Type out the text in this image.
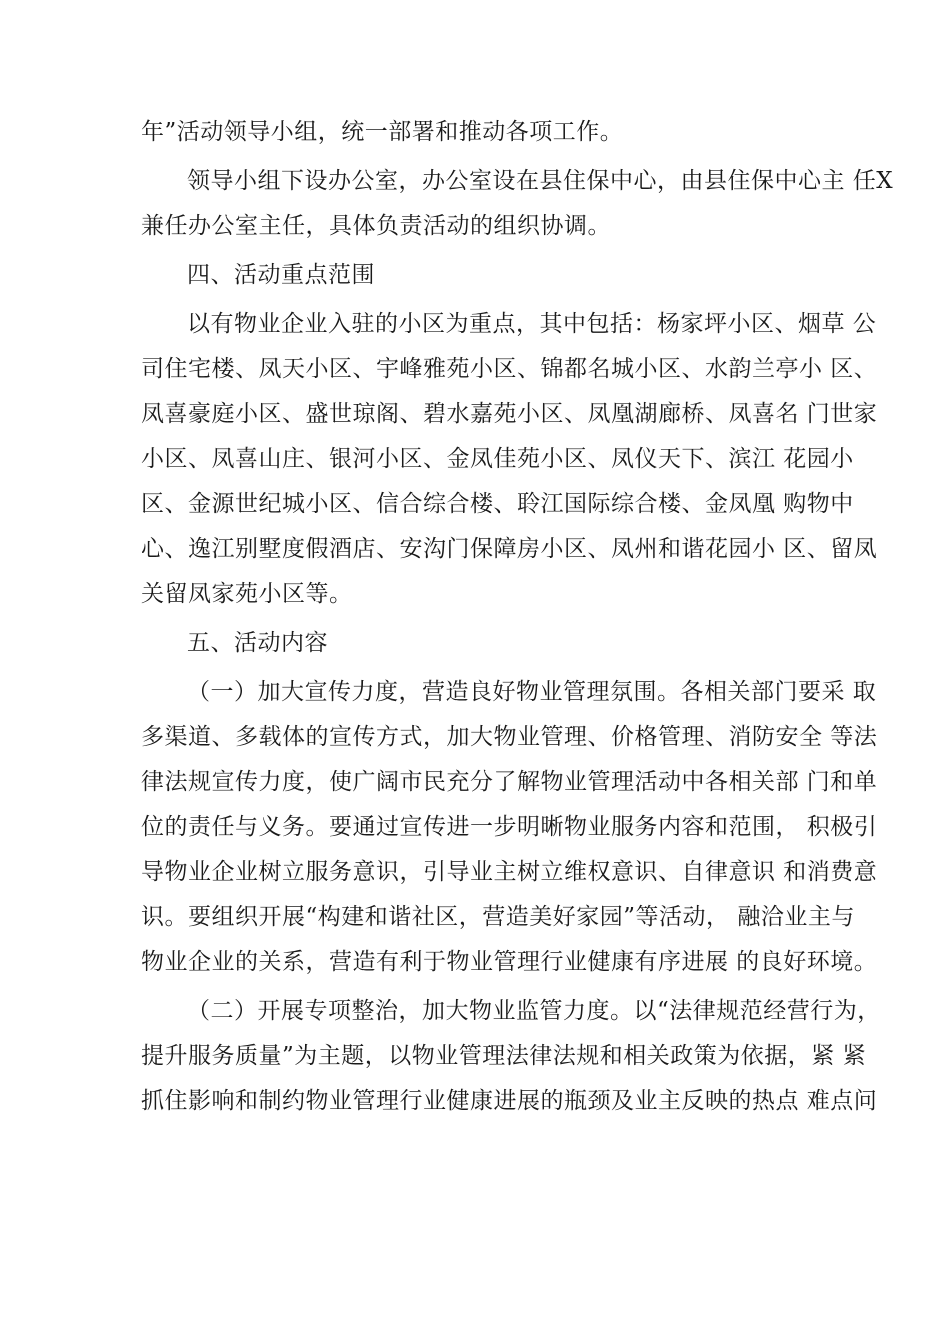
年”活动领导小组，统一部署和推动各项工作。
领导小组下设办公室，办公室设在县住保中心，由县住保中心主 任X
兼任办公室主任，具体负责活动的组织协调。
四、活动重点范围
以有物业企业入驻的小区为重点，其中包括：杨家坪小区、烟草 公
司住宅楼、凤天小区、宇峰雅苑小区、锦都名城小区、水韵兰亭小 区、
凤喜豪庭小区、盛世琼阁、碧水嘉苑小区、凤凰湖廊桥、凤喜名 门世家
小区、凤喜山庄、银河小区、金凤佳苑小区、凤仪天下、滨江 花园小
区、金源世纪城小区、信合综合楼、聆江国际综合楼、金凤凰 购物中
心、逸江别墅度假酒店、安沟门保障房小区、凤州和谐花园小 区、留凤
关留凤家苑小区等。
五、活动内容
（一）加大宣传力度，营造良好物业管理氛围。各相关部门要采 取
多渠道、多载体的宣传方式，加大物业管理、价格管理、消防安全 等法
律法规宣传力度，使广阔市民充分了解物业管理活动中各相关部 门和单
位的责任与义务。要通过宣传进一步明晰物业服务内容和范围， 积极引
导物业企业树立服务意识，引导业主树立维权意识、自律意识 和消费意
识。要组织开展“构建和谐社区，营造美好家园”等活动， 融洽业主与
物业企业的关系，营造有利于物业管理行业健康有序进展 的良好环境。
（二）开展专项整治，加大物业监管力度。以“法律规范经营行为，
提升服务质量”为主题，以物业管理法律法规和相关政策为依据，紧 紧
抓住影响和制约物业管理行业健康进展的瓶颈及业主反映的热点 难点问
